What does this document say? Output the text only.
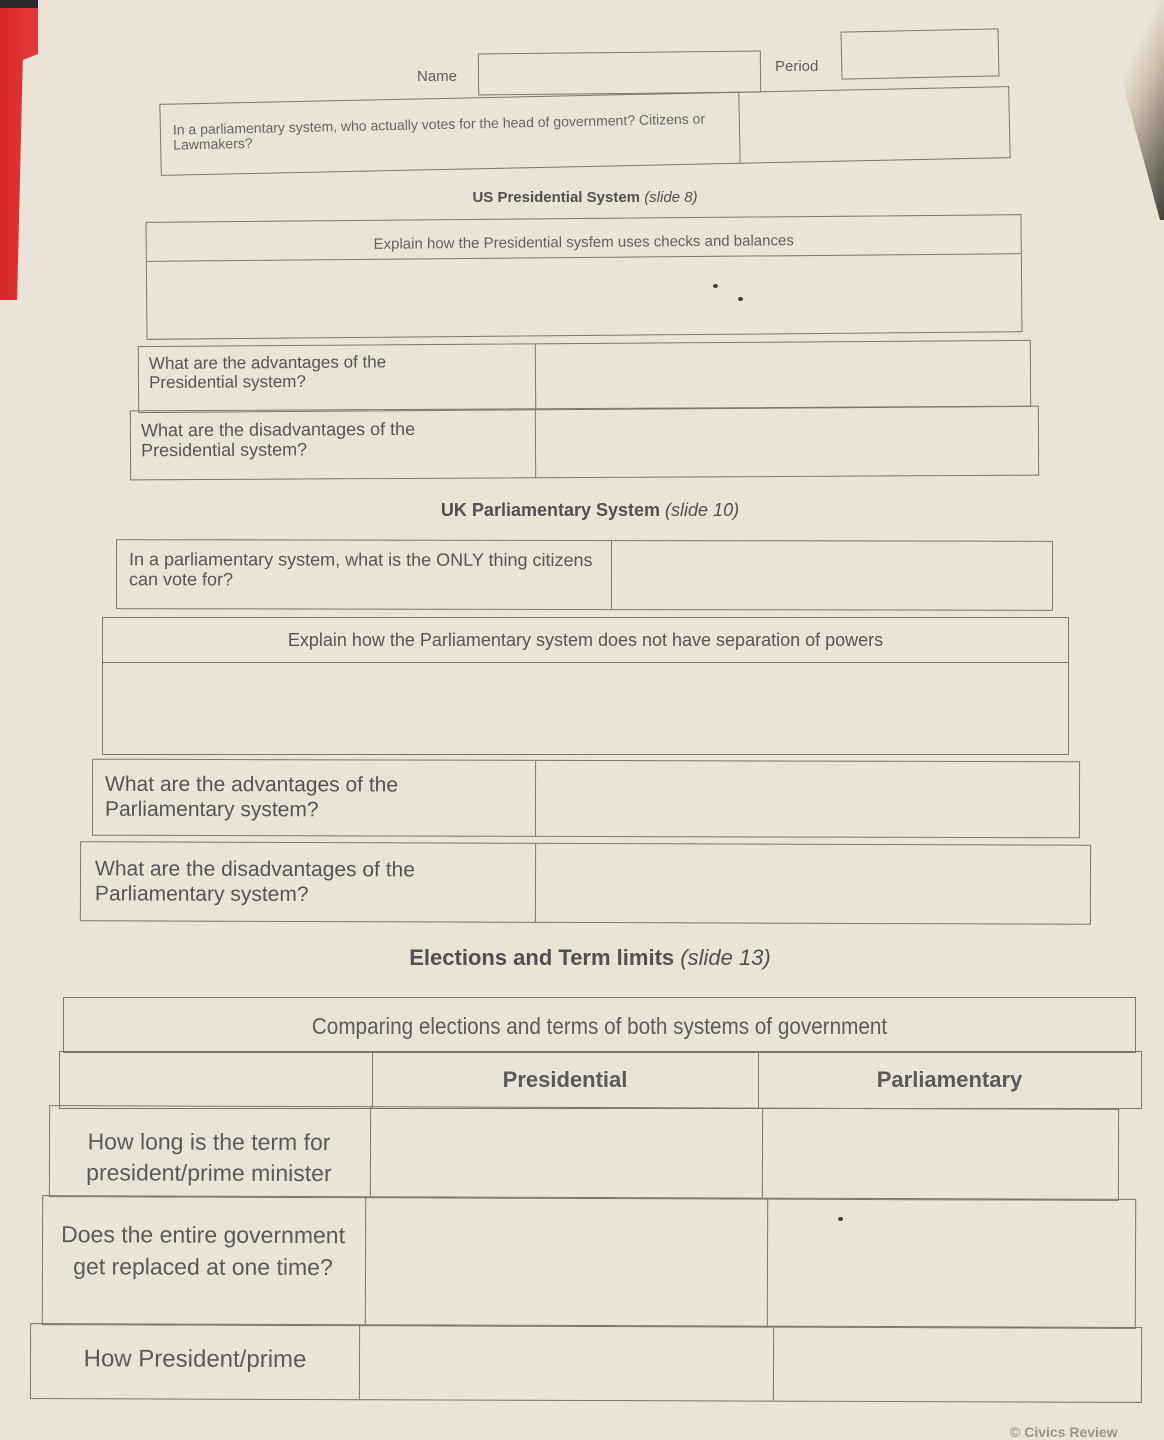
Name
Period
In a parliamentary system, who actually votes for the head of government? Citizens or Lawmakers?
US Presidential System (slide 8)
Explain how the Presidential sysfem uses checks and balances
What are the advantages of the Presidential system?
What are the disadvantages of the Presidential system?
UK Parliamentary System (slide 10)
In a parliamentary system, what is the ONLY thing citizens can vote for?
Explain how the Parliamentary system does not have separation of powers
What are the advantages of the Parliamentary system?
What are the disadvantages of the Parliamentary system?
Elections and Term limits (slide 13)
Comparing elections and terms of both systems of government
Presidential	Parliamentary
How long is the term for president/prime minister
Does the entire government get replaced at one time?
How President/prime
© Civics Review
